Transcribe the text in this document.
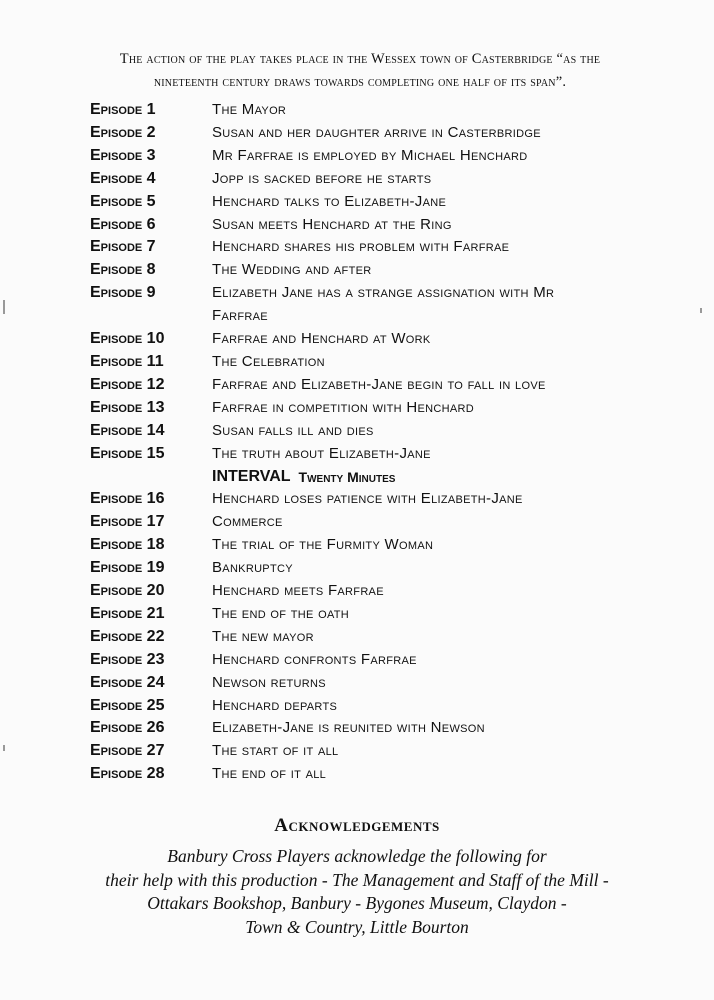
The action of the play takes place in the Wessex town of Casterbridge “as the
nineteenth century draws towards completing one half of its span”.
Episode 1	The Mayor
Episode 2	Susan and her daughter arrive in Casterbridge
Episode 3	Mr Farfrae is employed by Michael Henchard
Episode 4	Jopp is sacked before he starts
Episode 5	Henchard talks to Elizabeth-Jane
Episode 6	Susan meets Henchard at the Ring
Episode 7	Henchard shares his problem with Farfrae
Episode 8	The Wedding and after
Episode 9	Elizabeth Jane has a strange assignation with Mr Farfrae
Episode 10	Farfrae and Henchard at Work
Episode 11	The Celebration
Episode 12	Farfrae and Elizabeth-Jane begin to fall in love
Episode 13	Farfrae in competition with Henchard
Episode 14	Susan falls ill and dies
Episode 15	The truth about Elizabeth-Jane
INTERVAL Twenty Minutes
Episode 16	Henchard loses patience with Elizabeth-Jane
Episode 17	Commerce
Episode 18	The trial of the Furmity Woman
Episode 19	Bankruptcy
Episode 20	Henchard meets Farfrae
Episode 21	The end of the oath
Episode 22	The new mayor
Episode 23	Henchard confronts Farfrae
Episode 24	Newson returns
Episode 25	Henchard departs
Episode 26	Elizabeth-Jane is reunited with Newson
Episode 27	The start of it all
Episode 28	The end of it all
Acknowledgements
Banbury Cross Players acknowledge the following for
their help with this production - The Management and Staff of the Mill -
Ottakars Bookshop, Banbury - Bygones Museum, Claydon -
Town & Country, Little Bourton
